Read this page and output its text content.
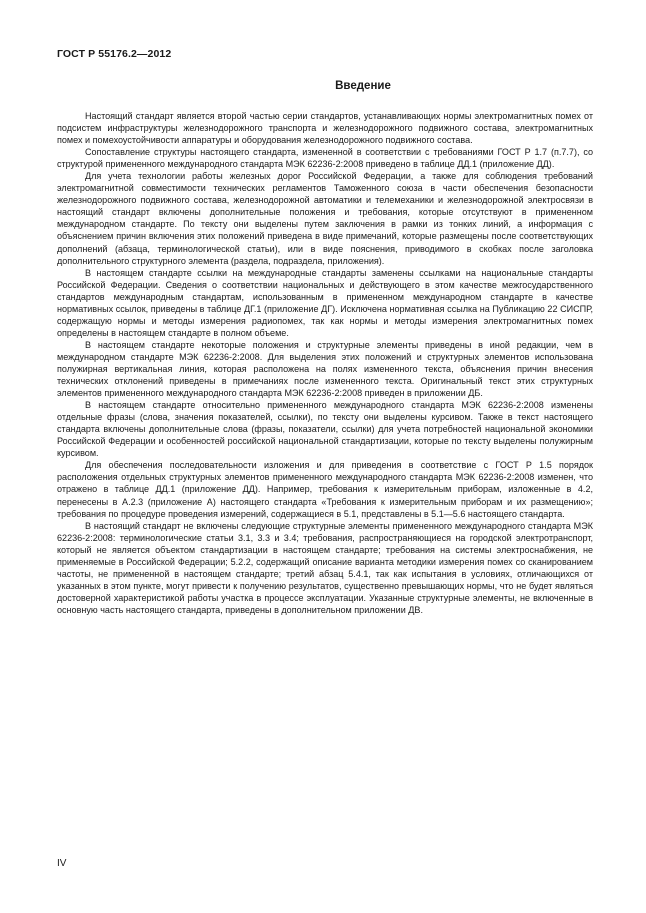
ГОСТ Р 55176.2—2012
Введение

Настоящий стандарт является второй частью серии стандартов, устанавливающих нормы электромагнитных помех от подсистем инфраструктуры железнодорожного транспорта и железнодорожного подвижного состава, электромагнитных помех и помехоустойчивости аппаратуры и оборудования железнодорожного подвижного состава.

Сопоставление структуры настоящего стандарта, измененной в соответствии с требованиями ГОСТ Р 1.7 (п.7.7), со структурой примененного международного стандарта МЭК 62236-2:2008 приведено в таблице ДД.1 (приложение ДД).

Для учета технологии работы железных дорог Российской Федерации, а также для соблюдения требований электромагнитной совместимости технических регламентов Таможенного союза в части обеспечения безопасности железнодорожного подвижного состава, железнодорожной автоматики и телемеханики и железнодорожной электросвязи в настоящий стандарт включены дополнительные положения и требования, которые отсутствуют в примененном международном стандарте. По тексту они выделены путем заключения в рамки из тонких линий, а информация с объяснением причин включения этих положений приведена в виде примечаний, которые размещены после соответствующих дополнений (абзаца, терминологической статьи), или в виде пояснения, приводимого в скобках после заголовка дополнительного структурного элемента (раздела, подраздела, приложения).

В настоящем стандарте ссылки на международные стандарты заменены ссылками на национальные стандарты Российской Федерации. Сведения о соответствии национальных и действующего в этом качестве межгосударственного стандартов международным стандартам, использованным в примененном международном стандарте в качестве нормативных ссылок, приведены в таблице ДГ.1 (приложение ДГ). Исключена нормативная ссылка на Публикацию 22 СИСПР, содержащую нормы и методы измерения радиопомех, так как нормы и методы измерения электромагнитных помех определены в настоящем стандарте в полном объеме.

В настоящем стандарте некоторые положения и структурные элементы приведены в иной редакции, чем в международном стандарте МЭК 62236-2:2008. Для выделения этих положений и структурных элементов использована полужирная вертикальная линия, которая расположена на полях измененного текста, объяснения причин внесения технических отклонений приведены в примечаниях после измененного текста. Оригинальный текст этих структурных элементов примененного международного стандарта МЭК 62236-2:2008 приведен в приложении ДБ.

В настоящем стандарте относительно примененного международного стандарта МЭК 62236-2:2008 изменены отдельные фразы (слова, значения показателей, ссылки), по тексту они выделены курсивом. Также в текст настоящего стандарта включены дополнительные слова (фразы, показатели, ссылки) для учета потребностей национальной экономики Российской Федерации и особенностей российской национальной стандартизации, которые по тексту выделены полужирным курсивом.

Для обеспечения последовательности изложения и для приведения в соответствие с ГОСТ Р 1.5 порядок расположения отдельных структурных элементов примененного международного стандарта МЭК 62236-2:2008 изменен, что отражено в таблице ДД.1 (приложение ДД). Например, требования к измерительным приборам, изложенные в 4.2, перенесены в А.2.3 (приложение А) настоящего стандарта «Требования к измерительным приборам и их размещению»; требования по процедуре проведения измерений, содержащиеся в 5.1, представлены в 5.1—5.6 настоящего стандарта.

В настоящий стандарт не включены следующие структурные элементы примененного международного стандарта МЭК 62236-2:2008: терминологические статьи 3.1, 3.3 и 3.4; требования, распространяющиеся на городской электротранспорт, который не является объектом стандартизации в настоящем стандарте; требования на системы электроснабжения, не применяемые в Российской Федерации; 5.2.2, содержащий описание варианта методики измерения помех со сканированием частоты, не примененной в настоящем стандарте; третий абзац 5.4.1, так как испытания в условиях, отличающихся от указанных в этом пункте, могут привести к получению результатов, существенно превышающих нормы, что не будет являться достоверной характеристикой работы участка в процессе эксплуатации. Указанные структурные элементы, не включенные в основную часть настоящего стандарта, приведены в дополнительном приложении ДВ.

IV
